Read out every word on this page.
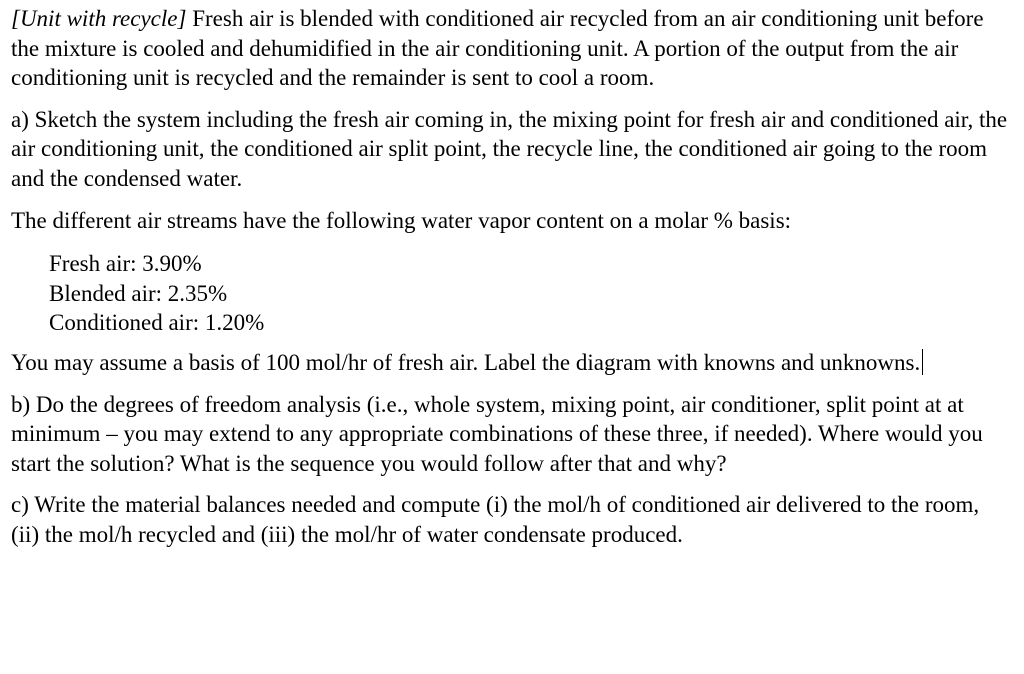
[Unit with recycle] Fresh air is blended with conditioned air recycled from an air conditioning unit before the mixture is cooled and dehumidified in the air conditioning unit. A portion of the output from the air conditioning unit is recycled and the remainder is sent to cool a room.

a) Sketch the system including the fresh air coming in, the mixing point for fresh air and conditioned air, the air conditioning unit, the conditioned air split point, the recycle line, the conditioned air going to the room and the condensed water.

The different air streams have the following water vapor content on a molar % basis:

Fresh air: 3.90%
Blended air: 2.35%
Conditioned air: 1.20%

You may assume a basis of 100 mol/hr of fresh air. Label the diagram with knowns and unknowns.

b) Do the degrees of freedom analysis (i.e., whole system, mixing point, air conditioner, split point at at minimum – you may extend to any appropriate combinations of these three, if needed). Where would you start the solution? What is the sequence you would follow after that and why?

c) Write the material balances needed and compute (i) the mol/h of conditioned air delivered to the room, (ii) the mol/h recycled and (iii) the mol/hr of water condensate produced.
